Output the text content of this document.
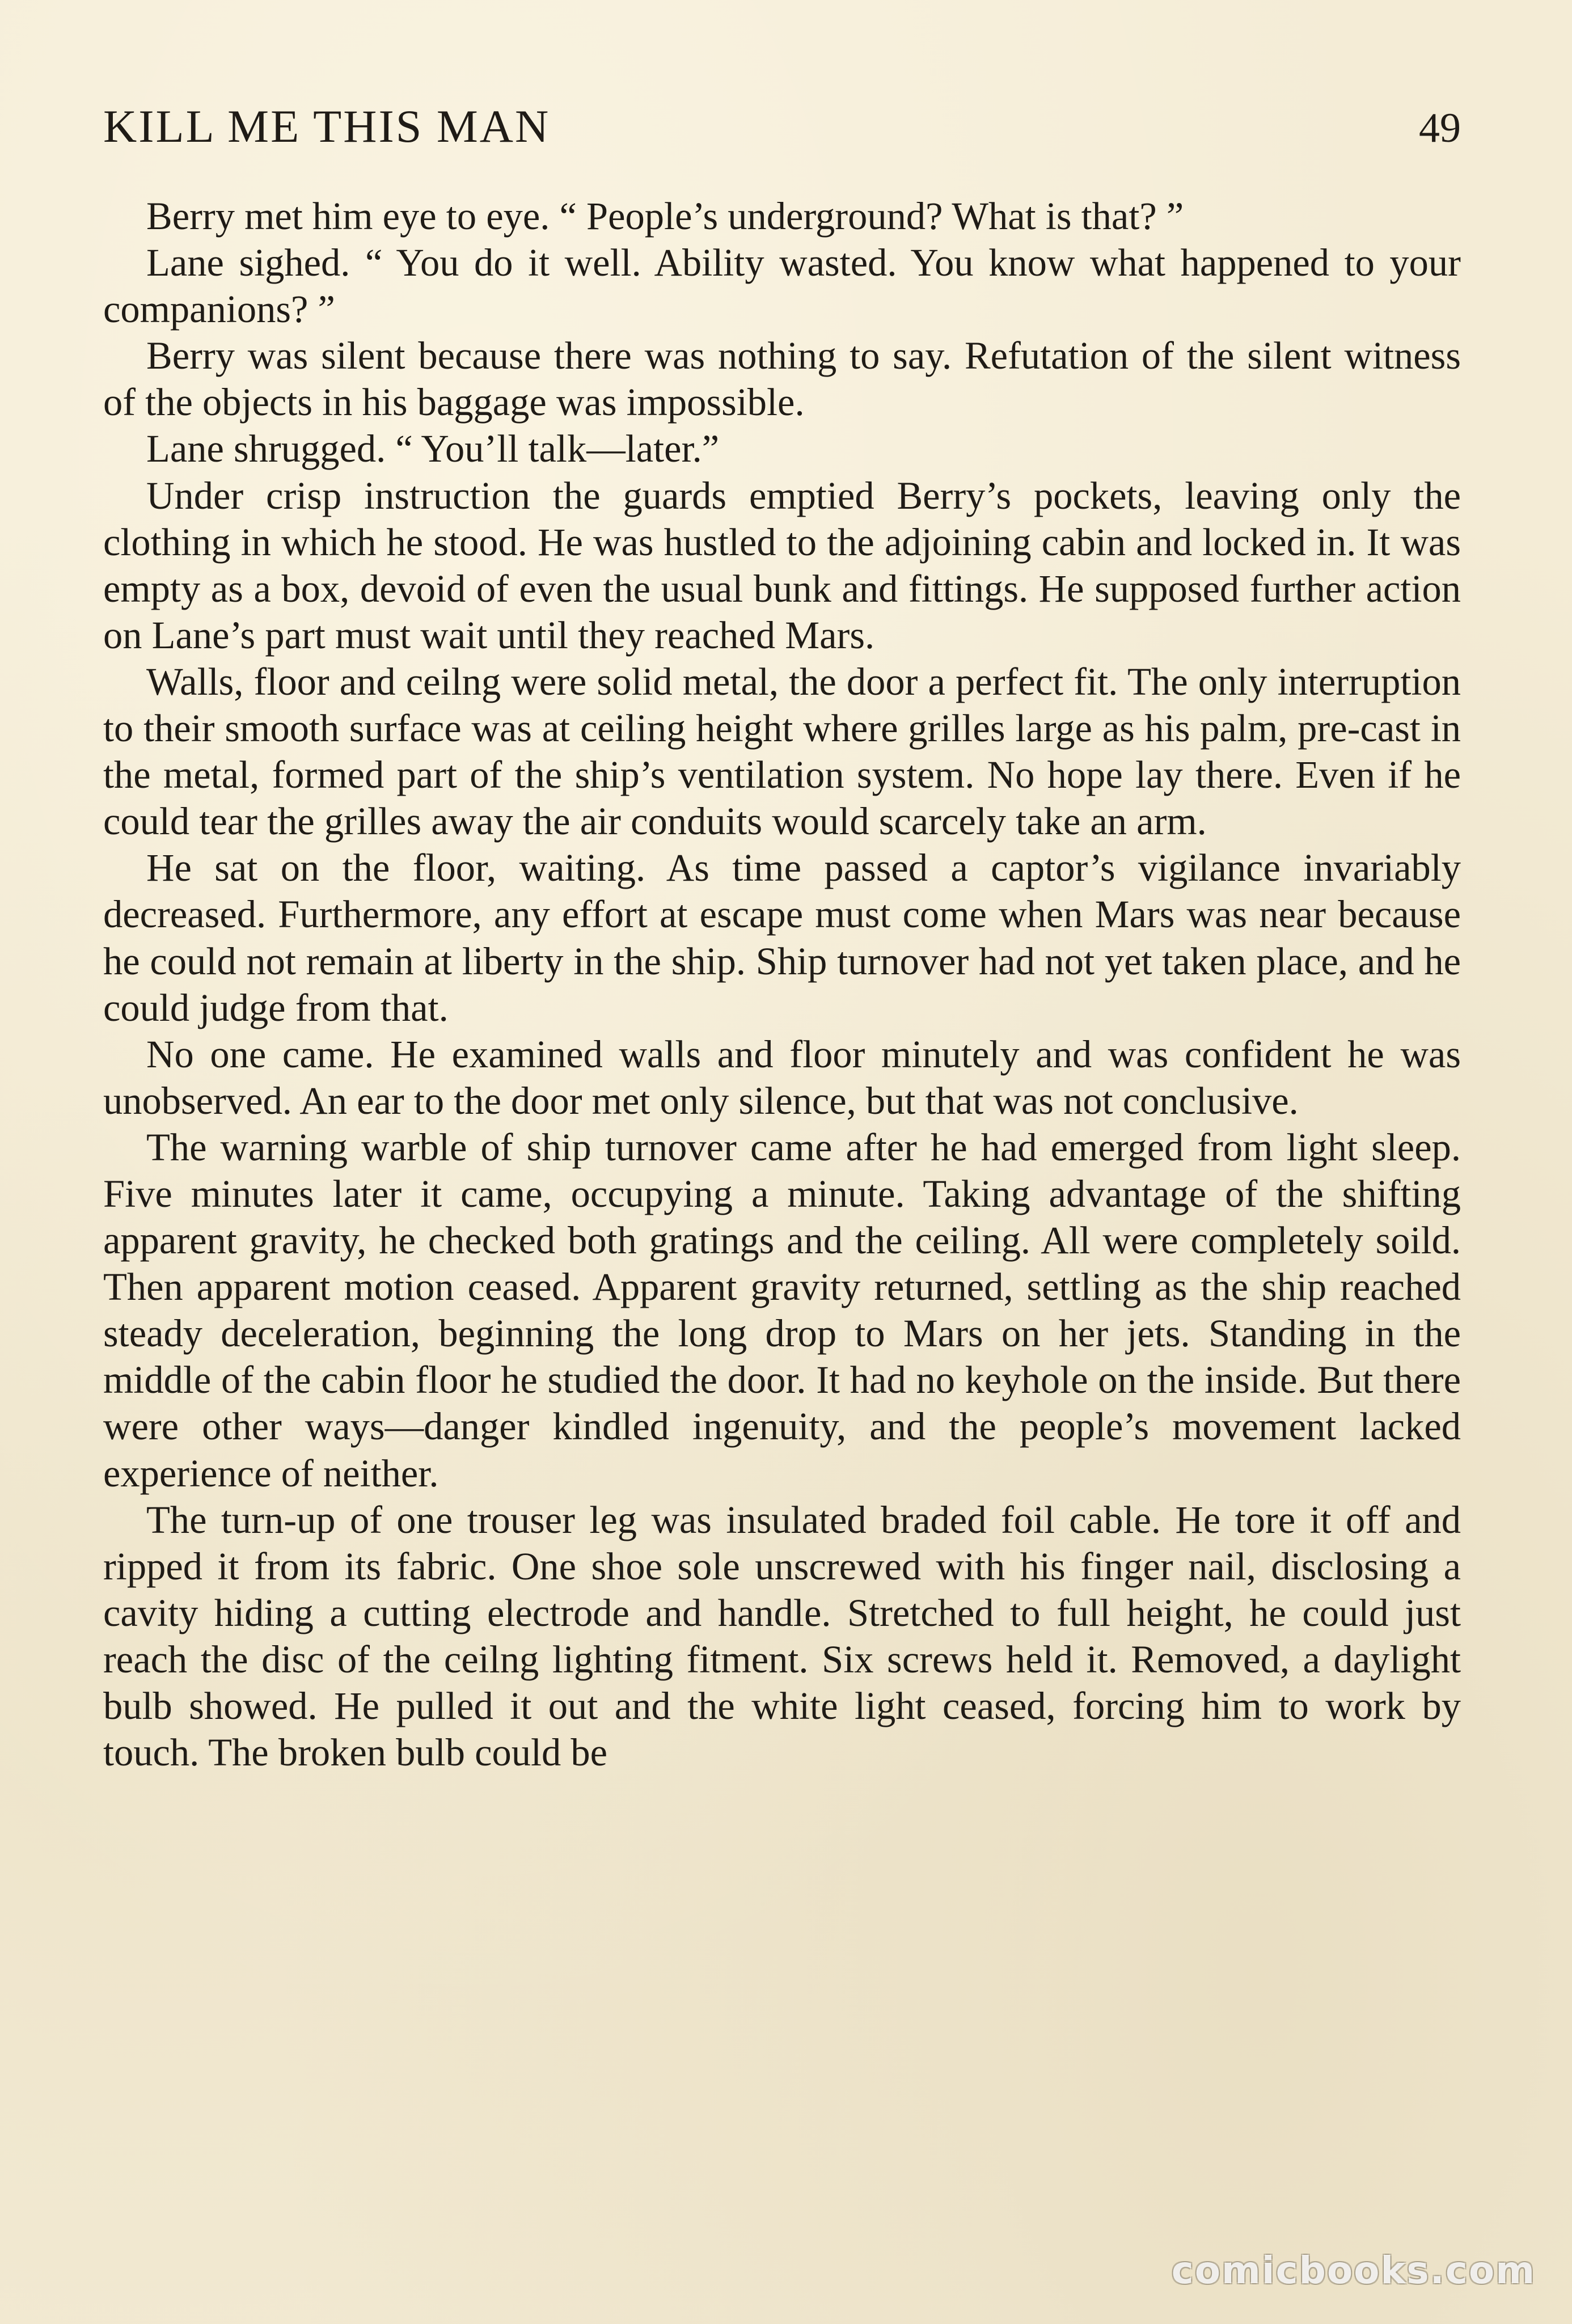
KILL ME THIS MAN	49

Berry met him eye to eye. “ People’s underground? What is that? ”

Lane sighed. “ You do it well. Ability wasted. You know what happened to your companions? ”

Berry was silent because there was nothing to say. Refutation of the silent witness of the objects in his baggage was impossible.

Lane shrugged. “ You’ll talk—later.”

Under crisp instruction the guards emptied Berry’s pockets, leaving only the clothing in which he stood. He was hustled to the adjoining cabin and locked in. It was empty as a box, devoid of even the usual bunk and fittings. He supposed further action on Lane’s part must wait until they reached Mars.

Walls, floor and ceilng were solid metal, the door a perfect fit. The only interruption to their smooth surface was at ceiling height where grilles large as his palm, pre-cast in the metal, formed part of the ship’s ventilation system. No hope lay there. Even if he could tear the grilles away the air conduits would scarcely take an arm.

He sat on the floor, waiting. As time passed a captor’s vigilance invariably decreased. Furthermore, any effort at escape must come when Mars was near because he could not remain at liberty in the ship. Ship turnover had not yet taken place, and he could judge from that.

No one came. He examined walls and floor minutely and was confident he was unobserved. An ear to the door met only silence, but that was not conclusive.

The warning warble of ship turnover came after he had emerged from light sleep. Five minutes later it came, occupying a minute. Taking advantage of the shifting apparent gravity, he checked both gratings and the ceiling. All were completely soild. Then apparent motion ceased. Apparent gravity returned, settling as the ship reached steady deceleration, beginning the long drop to Mars on her jets. Standing in the middle of the cabin floor he studied the door. It had no keyhole on the inside. But there were other ways—danger kindled ingenuity, and the people’s movement lacked experience of neither.

The turn-up of one trouser leg was insulated braded foil cable. He tore it off and ripped it from its fabric. One shoe sole unscrewed with his finger nail, disclosing a cavity hiding a cutting electrode and handle. Stretched to full height, he could just reach the disc of the ceilng lighting fitment. Six screws held it. Removed, a daylight bulb showed. He pulled it out and the white light ceased, forcing him to work by touch. The broken bulb could be

comicbooks.com
